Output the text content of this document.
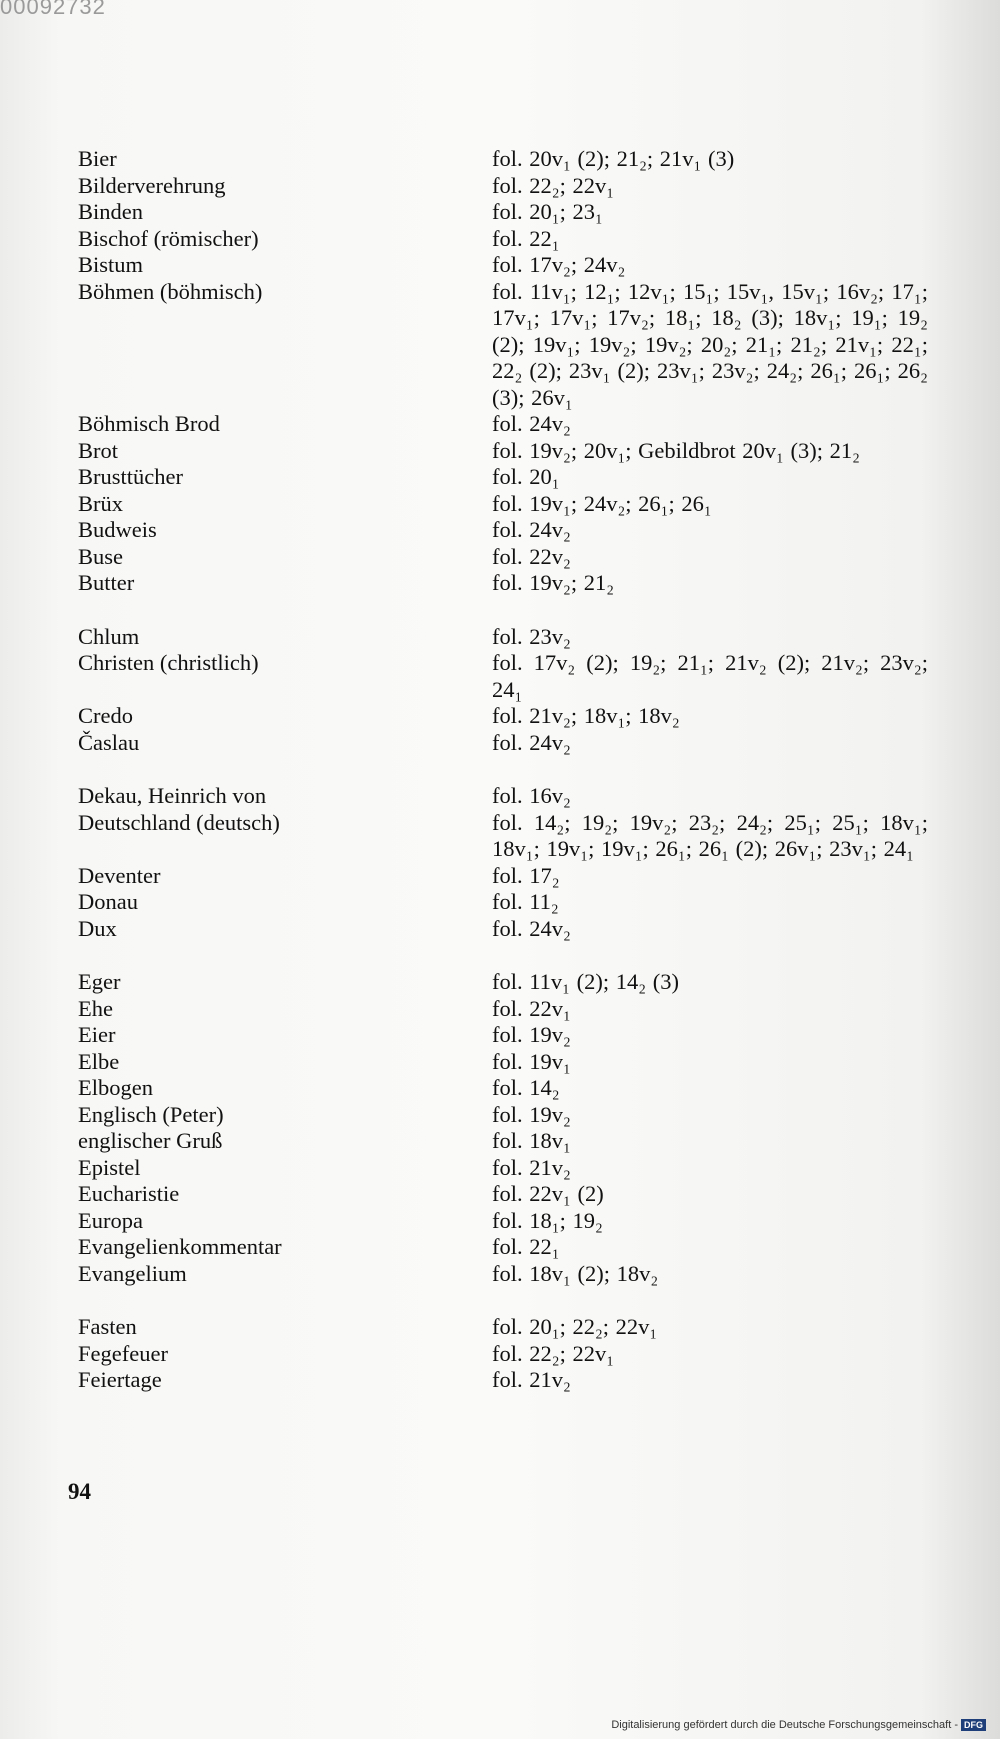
00092732
Bier	fol. 20v₁ (2); 21₂; 21v₁ (3)
Bilderverehrung	fol. 22₂; 22v₁
Binden	fol. 20₁; 23₁
Bischof (römischer)	fol. 22₁
Bistum	fol. 17v₂; 24v₂
Böhmen (böhmisch)	fol. 11v₁; 12₁; 12v₁; 15₁; 15v₁, 15v₁; 16v₂; 17₁; 17v₁; 17v₁; 17v₂; 18₁; 18₂ (3); 18v₁; 19₁; 19₂ (2); 19v₁; 19v₂; 19v₂; 20₂; 21₁; 21₂; 21v₁; 22₁; 22₂ (2); 23v₁ (2); 23v₁; 23v₂; 24₂; 26₁; 26₁; 26₂ (3); 26v₁
Böhmisch Brod	fol. 24v₂
Brot	fol. 19v₂; 20v₁; Gebildbrot 20v₁ (3); 21₂
Brusttücher	fol. 20₁
Brüx	fol. 19v₁; 24v₂; 26₁; 26₁
Budweis	fol. 24v₂
Buse	fol. 22v₂
Butter	fol. 19v₂; 21₂
Chlum	fol. 23v₂
Christen (christlich)	fol. 17v₂ (2); 19₂; 21₁; 21v₂ (2); 21v₂; 23v₂; 24₁
Credo	fol. 21v₂; 18v₁; 18v₂
Časlau	fol. 24v₂
Dekau, Heinrich von	fol. 16v₂
Deutschland (deutsch)	fol. 14₂; 19₂; 19v₂; 23₂; 24₂; 25₁; 25₁; 18v₁; 18v₁; 19v₁; 19v₁; 26₁; 26₁ (2); 26v₁; 23v₁; 24₁
Deventer	fol. 17₂
Donau	fol. 11₂
Dux	fol. 24v₂
Eger	fol. 11v₁ (2); 14₂ (3)
Ehe	fol. 22v₁
Eier	fol. 19v₂
Elbe	fol. 19v₁
Elbogen	fol. 14₂
Englisch (Peter)	fol. 19v₂
englischer Gruß	fol. 18v₁
Epistel	fol. 21v₂
Eucharistie	fol. 22v₁ (2)
Europa	fol. 18₁; 19₂
Evangelienkommentar	fol. 22₁
Evangelium	fol. 18v₁ (2); 18v₂
Fasten	fol. 20₁; 22₂; 22v₁
Fegefeuer	fol. 22₂; 22v₁
Feiertage	fol. 21v₂
94
Digitalisierung gefördert durch die Deutsche Forschungsgemeinschaft - DFG
